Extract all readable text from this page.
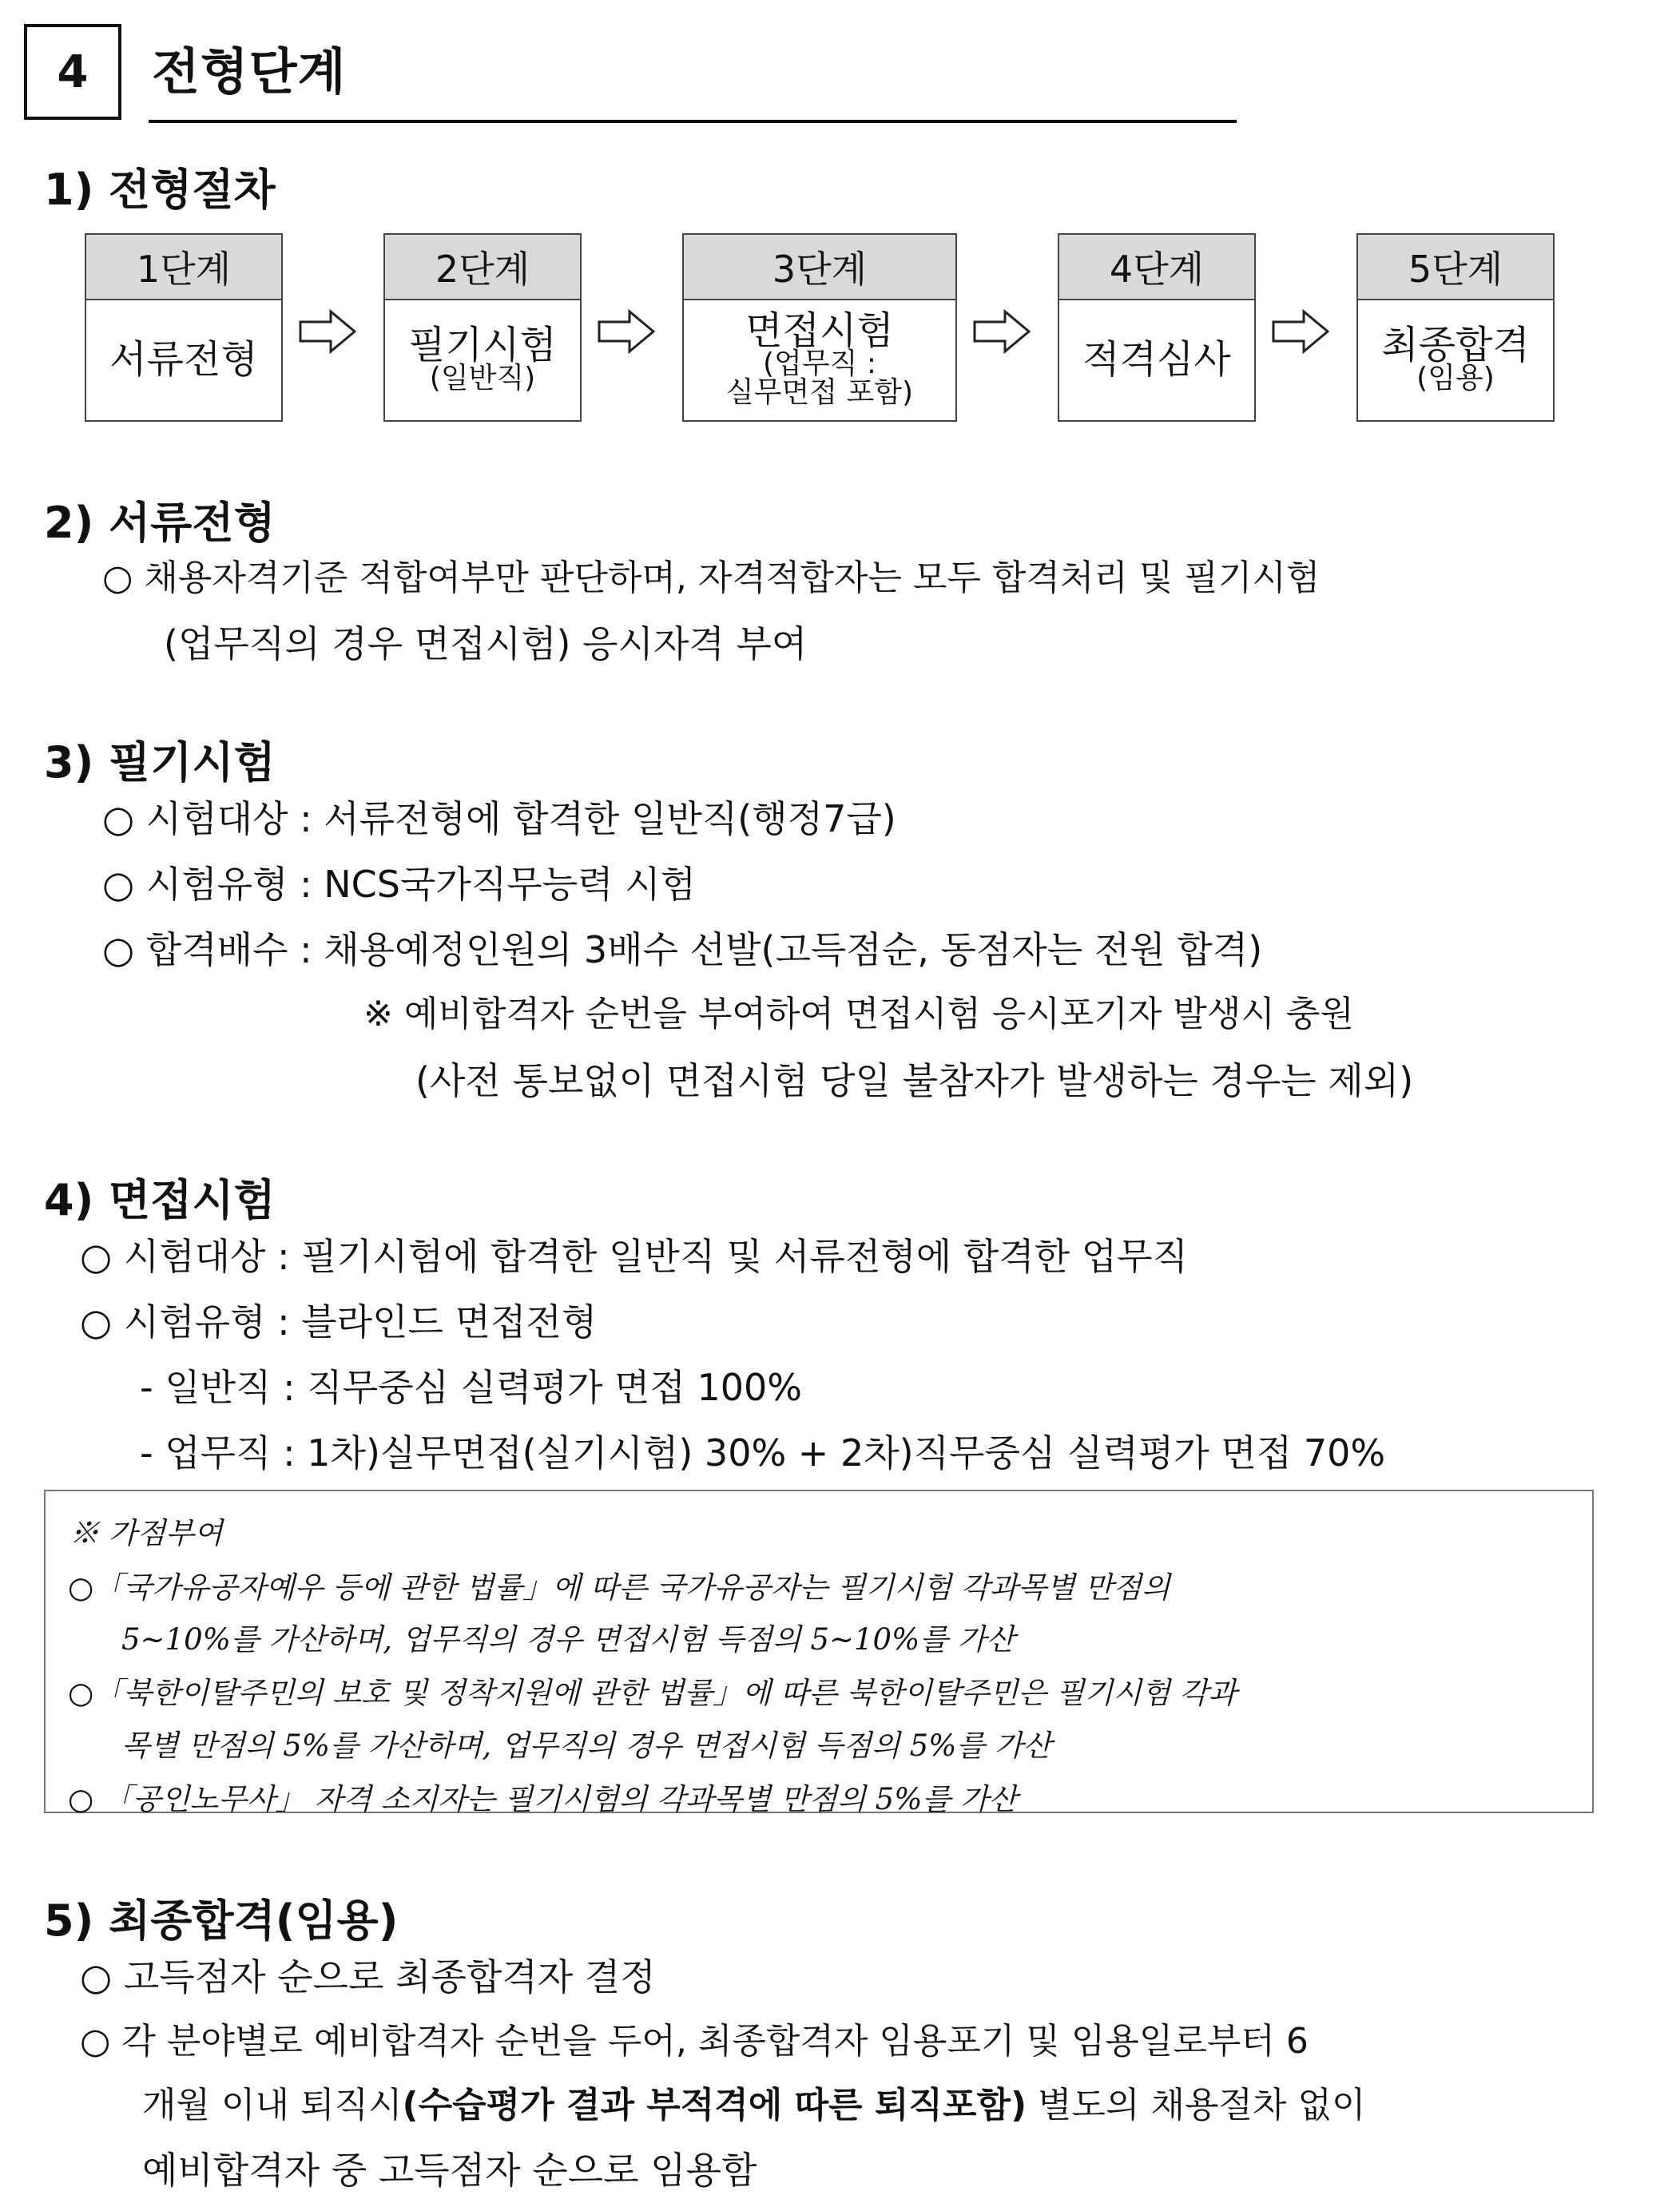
4 전형단계
1) 전형절차
1단계
서류전형
2단계
필기시험
(일반직)
3단계
면접시험
(업무직 :
실무면접 포함)
4단계
적격심사
5단계
최종합격
(임용)
2) 서류전형
○ 채용자격기준 적합여부만 판단하며, 자격적합자는 모두 합격처리 및 필기시험
(업무직의 경우 면접시험) 응시자격 부여
3) 필기시험
○ 시험대상 : 서류전형에 합격한 일반직(행정7급)
○ 시험유형 : NCS국가직무능력 시험
○ 합격배수 : 채용예정인원의 3배수 선발(고득점순, 동점자는 전원 합격)
※ 예비합격자 순번을 부여하여 면접시험 응시포기자 발생시 충원
(사전 통보없이 면접시험 당일 불참자가 발생하는 경우는 제외)
4) 면접시험
○ 시험대상 : 필기시험에 합격한 일반직 및 서류전형에 합격한 업무직
○ 시험유형 : 블라인드 면접전형
- 일반직 : 직무중심 실력평가 면접 100%
- 업무직 : 1차)실무면접(실기시험) 30% + 2차)직무중심 실력평가 면접 70%
※ 가점부여
○「국가유공자예우 등에 관한 법률」에 따른 국가유공자는 필기시험 각과목별 만점의
5~10%를 가산하며, 업무직의 경우 면접시험 득점의 5~10%를 가산
○「북한이탈주민의 보호 및 정착지원에 관한 법률」에 따른 북한이탈주민은 필기시험 각과
목별 만점의 5%를 가산하며, 업무직의 경우 면접시험 득점의 5%를 가산
○ 「공인노무사」 자격 소지자는 필기시험의 각과목별 만점의 5%를 가산
5) 최종합격(임용)
○ 고득점자 순으로 최종합격자 결정
○ 각 분야별로 예비합격자 순번을 두어, 최종합격자 임용포기 및 임용일로부터 6
개월 이내 퇴직시(수습평가 결과 부적격에 따른 퇴직포함) 별도의 채용절차 없이
예비합격자 중 고득점자 순으로 임용함
